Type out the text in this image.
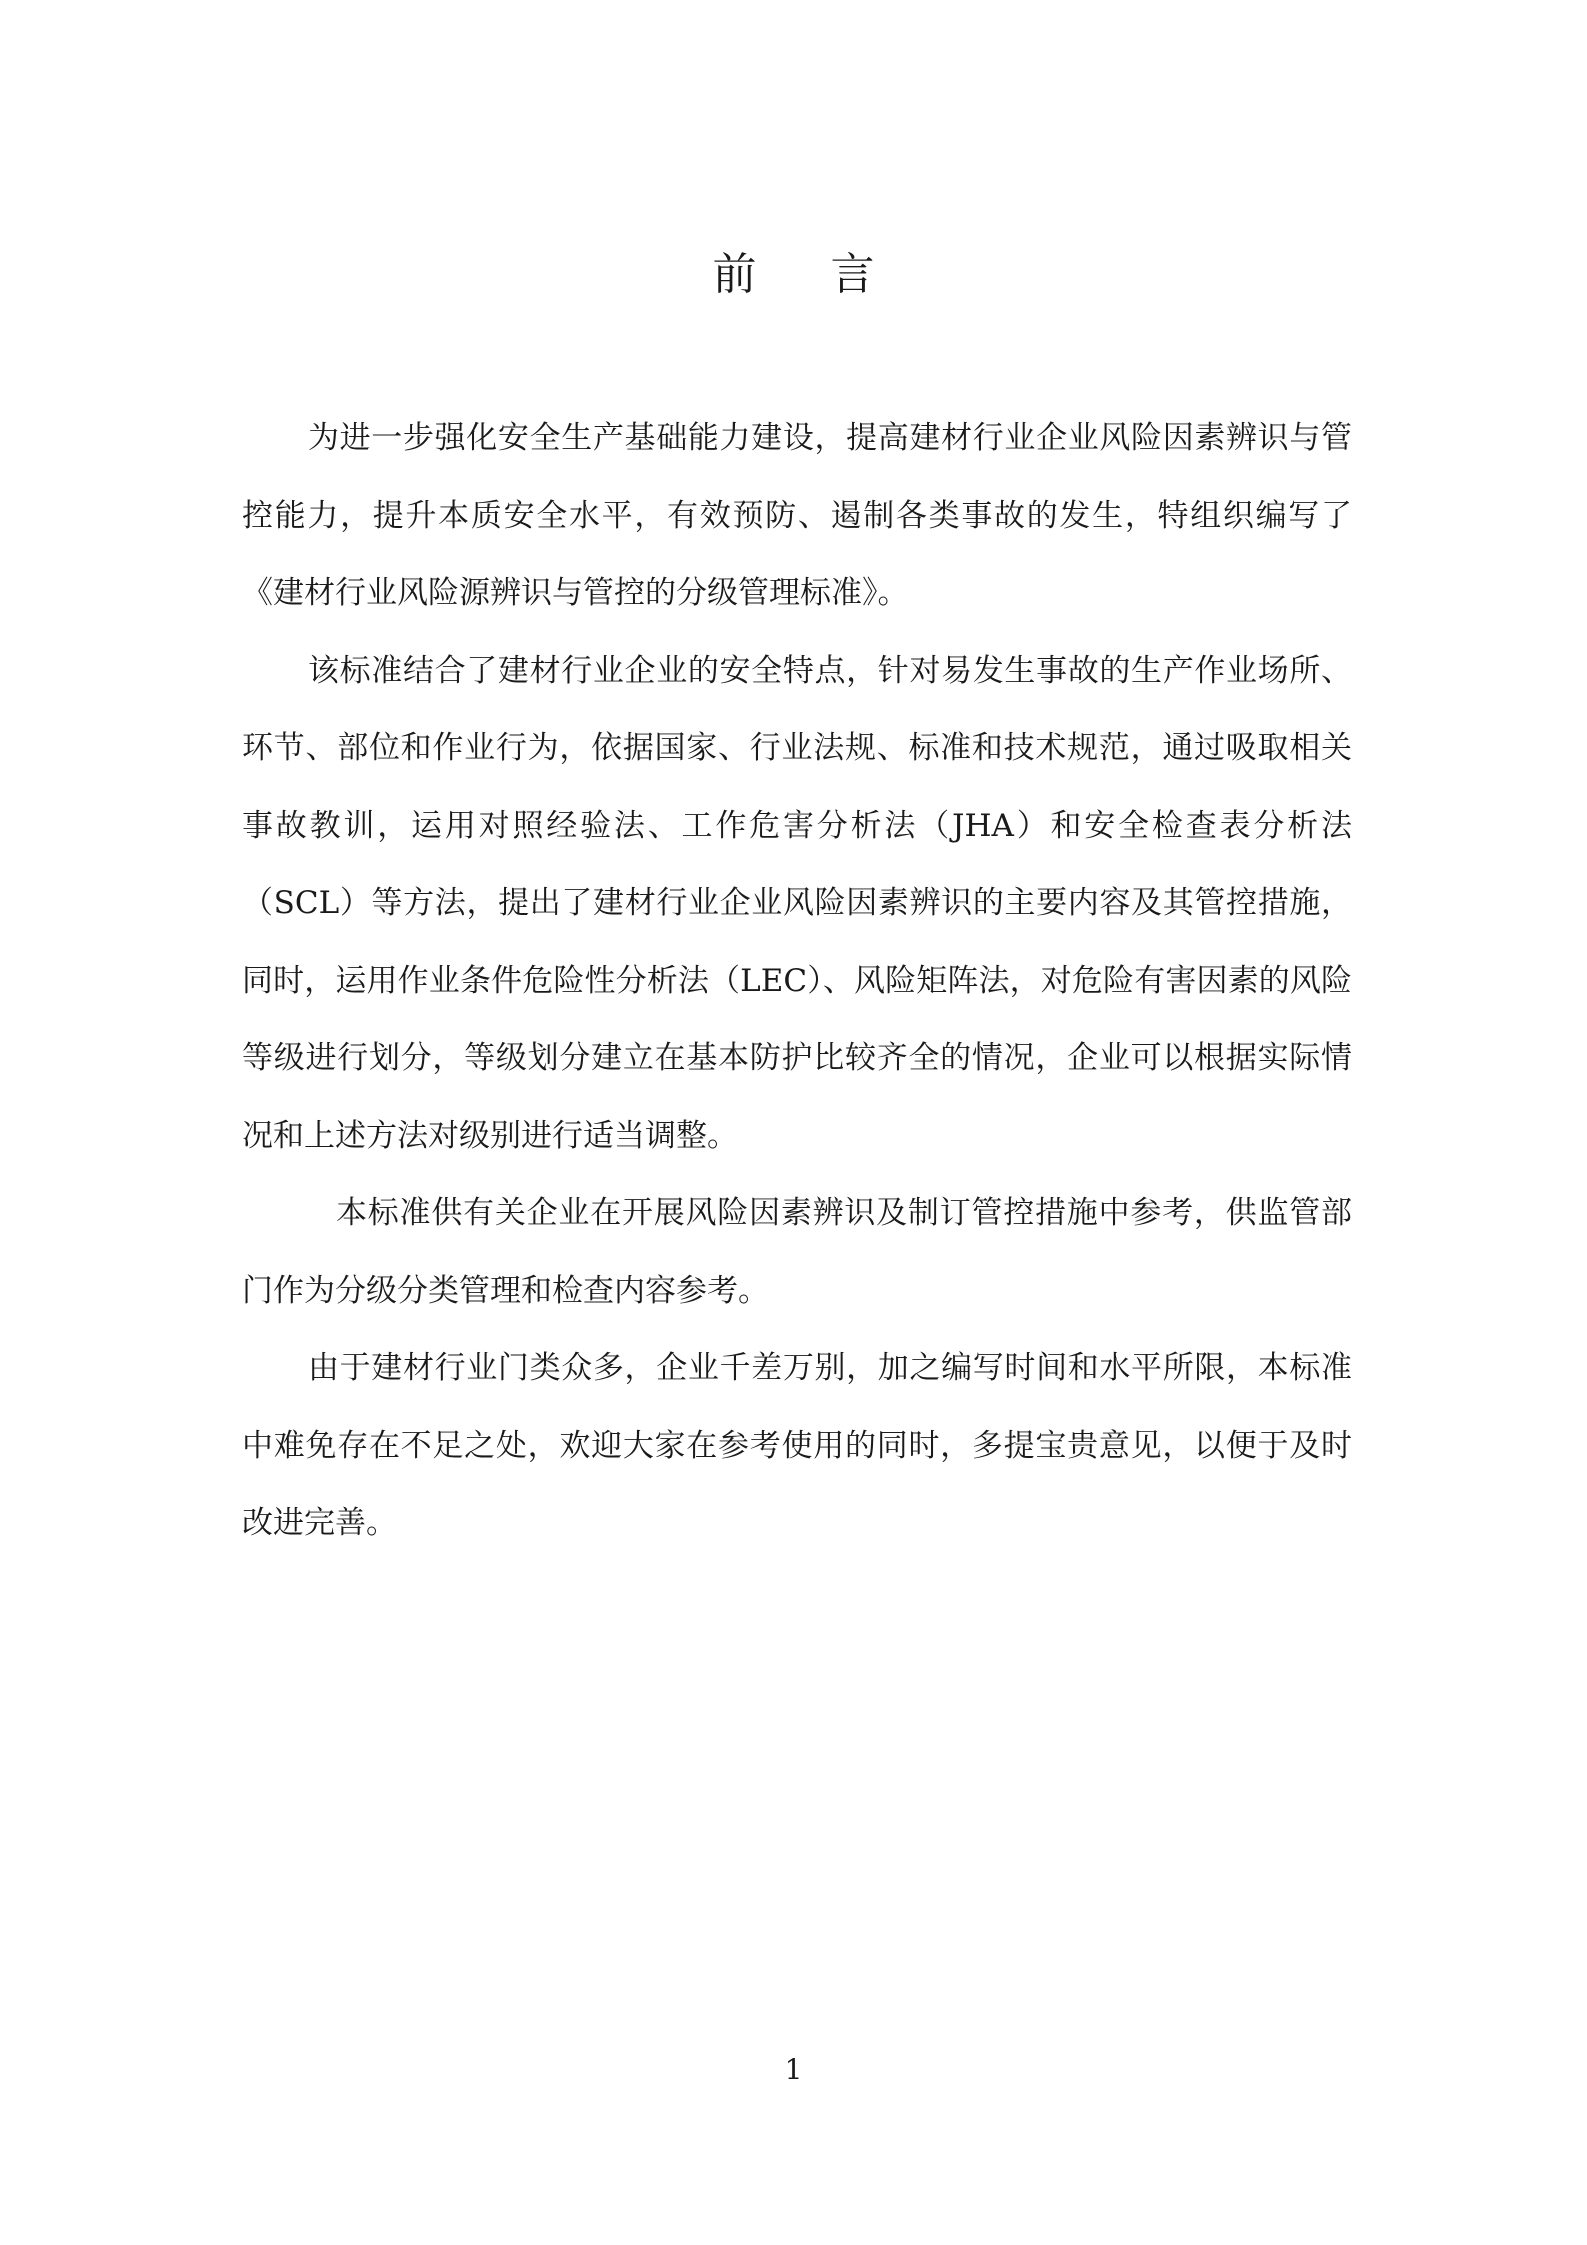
前 言

为进一步强化安全生产基础能力建设，提高建材行业企业风险因素辨识与管控能力，提升本质安全水平，有效预防、遏制各类事故的发生，特组织编写了《建材行业风险源辨识与管控的分级管理标准》。

该标准结合了建材行业企业的安全特点，针对易发生事故的生产作业场所、环节、部位和作业行为，依据国家、行业法规、标准和技术规范，通过吸取相关事故教训，运用对照经验法、工作危害分析法（JHA）和安全检查表分析法（SCL）等方法，提出了建材行业企业风险因素辨识的主要内容及其管控措施，同时，运用作业条件危险性分析法（LEC）、风险矩阵法，对危险有害因素的风险等级进行划分，等级划分建立在基本防护比较齐全的情况，企业可以根据实际情况和上述方法对级别进行适当调整。

本标准供有关企业在开展风险因素辨识及制订管控措施中参考，供监管部门作为分级分类管理和检查内容参考。

由于建材行业门类众多，企业千差万别，加之编写时间和水平所限，本标准中难免存在不足之处，欢迎大家在参考使用的同时，多提宝贵意见，以便于及时改进完善。

1
